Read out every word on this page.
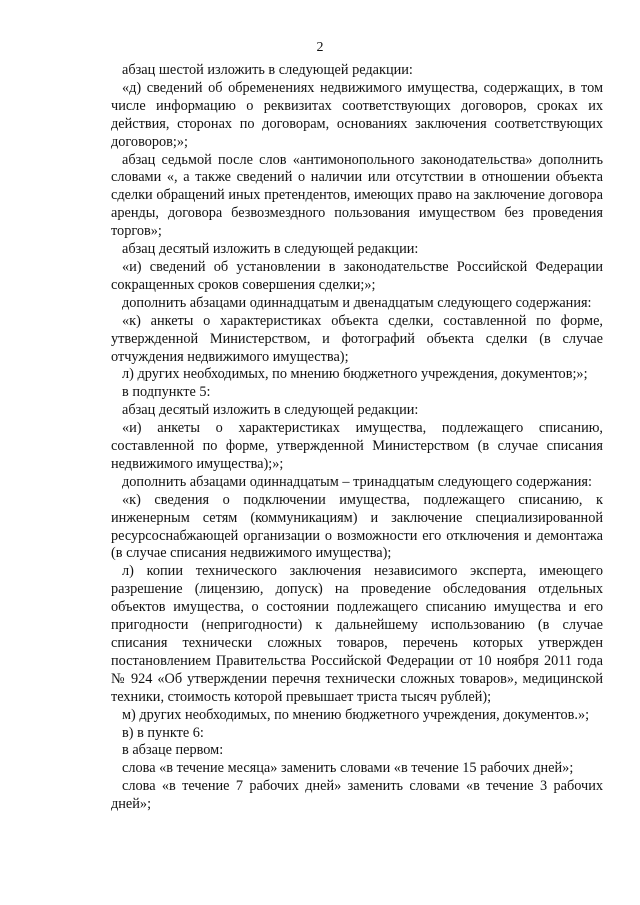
2

абзац шестой изложить в следующей редакции:

«д) сведений об обременениях недвижимого имущества, содержащих, в том числе информацию о реквизитах соответствующих договоров, сроках их действия, сторонах по договорам, основаниях заключения соответствующих договоров;»;

абзац седьмой после слов «антимонопольного законодательства» дополнить словами «, а также сведений о наличии или отсутствии в отношении объекта сделки обращений иных претендентов, имеющих право на заключение договора аренды, договора безвозмездного пользования имуществом без проведения торгов»;

абзац десятый изложить в следующей редакции:

«и) сведений об установлении в законодательстве Российской Федерации сокращенных сроков совершения сделки;»;

дополнить абзацами одиннадцатым и двенадцатым следующего содержания:

«к) анкеты о характеристиках объекта сделки, составленной по форме, утвержденной Министерством, и фотографий объекта сделки (в случае отчуждения недвижимого имущества);

л) других необходимых, по мнению бюджетного учреждения, документов;»;

в подпункте 5:

абзац десятый изложить в следующей редакции:

«и) анкеты о характеристиках имущества, подлежащего списанию, составленной по форме, утвержденной Министерством (в случае списания недвижимого имущества);»;

дополнить абзацами одиннадцатым – тринадцатым следующего содержания:

«к) сведения о подключении имущества, подлежащего списанию, к инженерным сетям (коммуникациям) и заключение специализированной ресурсоснабжающей организации о возможности его отключения и демонтажа (в случае списания недвижимого имущества);

л) копии технического заключения независимого эксперта, имеющего разрешение (лицензию, допуск) на проведение обследования отдельных объектов имущества, о состоянии подлежащего списанию имущества и его пригодности (непригодности) к дальнейшему использованию (в случае списания технически сложных товаров, перечень которых утвержден постановлением Правительства Российской Федерации от 10 ноября 2011 года № 924 «Об утверждении перечня технически сложных товаров», медицинской техники, стоимость которой превышает триста тысяч рублей);

м) других необходимых, по мнению бюджетного учреждения, документов.»;

в) в пункте 6:

в абзаце первом:

слова «в течение месяца» заменить словами «в течение 15 рабочих дней»;

слова «в течение 7 рабочих дней» заменить словами «в течение 3 рабочих дней»;
